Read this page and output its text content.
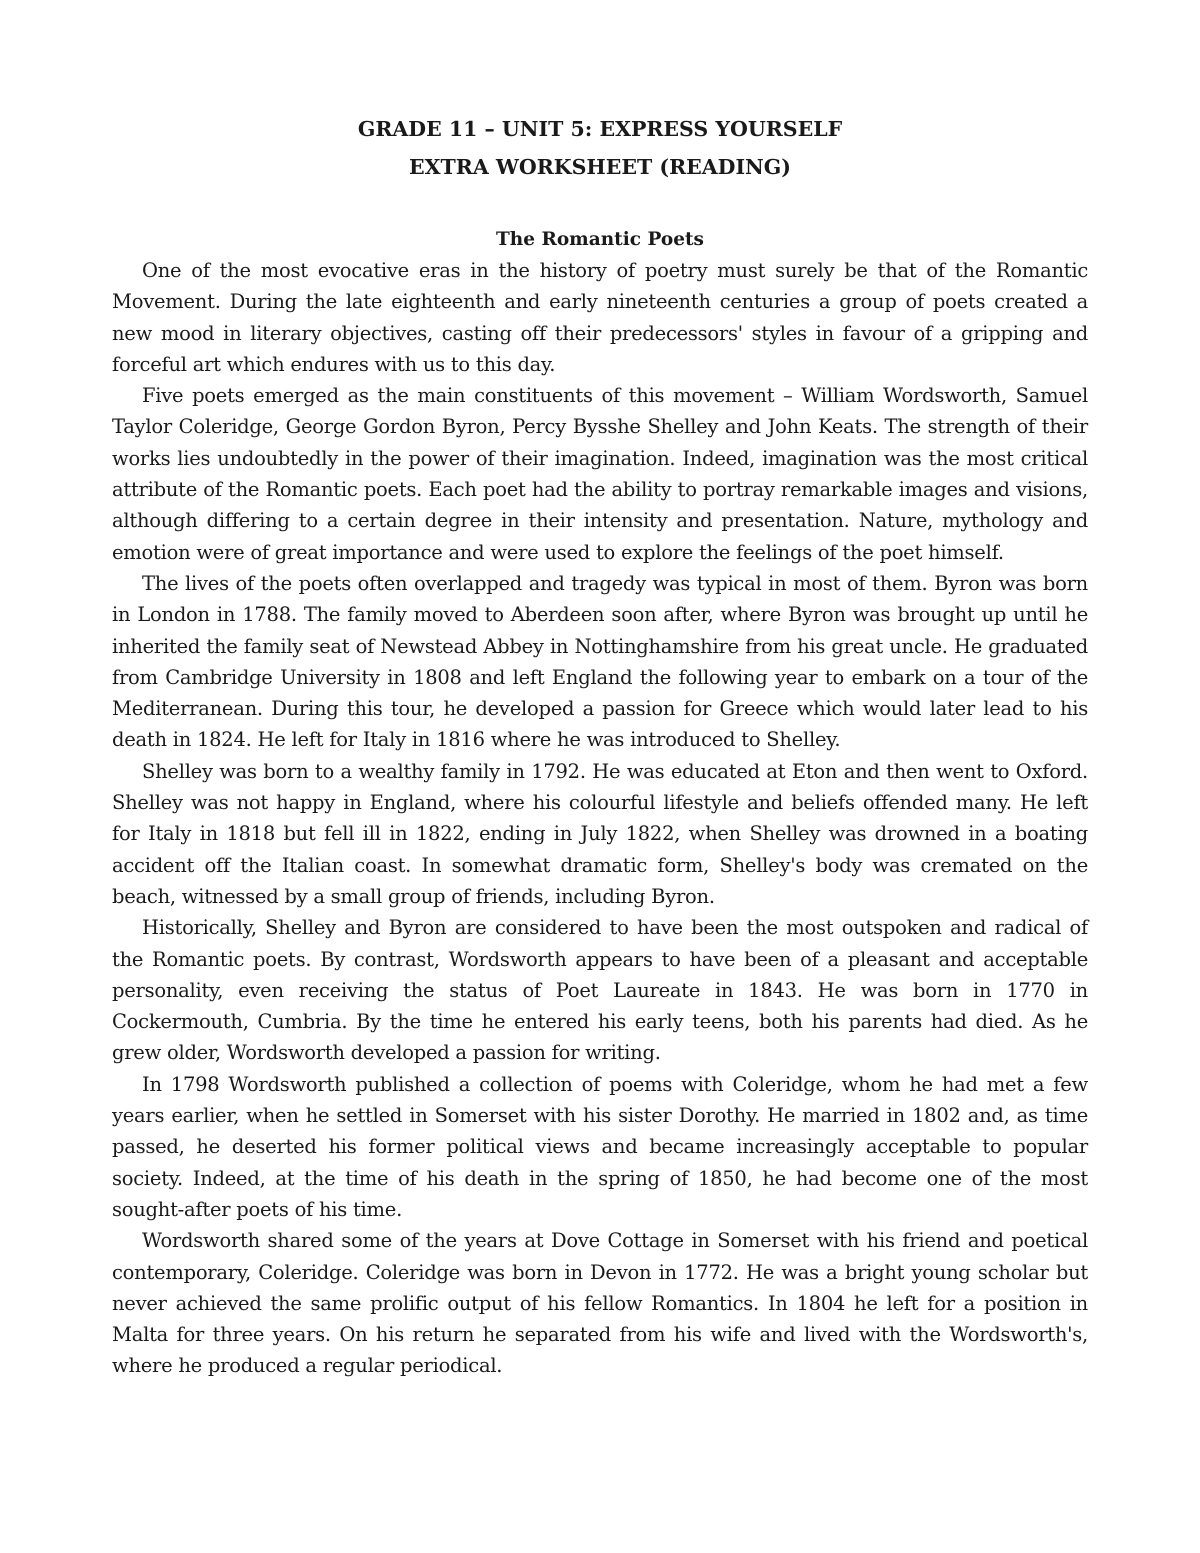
GRADE 11 – UNIT 5: EXPRESS YOURSELF

EXTRA WORKSHEET (READING)

The Romantic Poets

One of the most evocative eras in the history of poetry must surely be that of the Romantic Movement. During the late eighteenth and early nineteenth centuries a group of poets created a new mood in literary objectives, casting off their predecessors' styles in favour of a gripping and forceful art which endures with us to this day.

Five poets emerged as the main constituents of this movement – William Wordsworth, Samuel Taylor Coleridge, George Gordon Byron, Percy Bysshe Shelley and John Keats. The strength of their works lies undoubtedly in the power of their imagination. Indeed, imagination was the most critical attribute of the Romantic poets. Each poet had the ability to portray remarkable images and visions, although differing to a certain degree in their intensity and presentation. Nature, mythology and emotion were of great importance and were used to explore the feelings of the poet himself.

The lives of the poets often overlapped and tragedy was typical in most of them. Byron was born in London in 1788. The family moved to Aberdeen soon after, where Byron was brought up until he inherited the family seat of Newstead Abbey in Nottinghamshire from his great uncle. He graduated from Cambridge University in 1808 and left England the following year to embark on a tour of the Mediterranean. During this tour, he developed a passion for Greece which would later lead to his death in 1824. He left for Italy in 1816 where he was introduced to Shelley.

Shelley was born to a wealthy family in 1792. He was educated at Eton and then went to Oxford. Shelley was not happy in England, where his colourful lifestyle and beliefs offended many. He left for Italy in 1818 but fell ill in 1822, ending in July 1822, when Shelley was drowned in a boating accident off the Italian coast. In somewhat dramatic form, Shelley's body was cremated on the beach, witnessed by a small group of friends, including Byron.

Historically, Shelley and Byron are considered to have been the most outspoken and radical of the Romantic poets. By contrast, Wordsworth appears to have been of a pleasant and acceptable personality, even receiving the status of Poet Laureate in 1843. He was born in 1770 in Cockermouth, Cumbria. By the time he entered his early teens, both his parents had died. As he grew older, Wordsworth developed a passion for writing.

In 1798 Wordsworth published a collection of poems with Coleridge, whom he had met a few years earlier, when he settled in Somerset with his sister Dorothy. He married in 1802 and, as time passed, he deserted his former political views and became increasingly acceptable to popular society. Indeed, at the time of his death in the spring of 1850, he had become one of the most sought-after poets of his time.

Wordsworth shared some of the years at Dove Cottage in Somerset with his friend and poetical contemporary, Coleridge. Coleridge was born in Devon in 1772. He was a bright young scholar but never achieved the same prolific output of his fellow Romantics. In 1804 he left for a position in Malta for three years. On his return he separated from his wife and lived with the Wordsworth's, where he produced a regular periodical.
